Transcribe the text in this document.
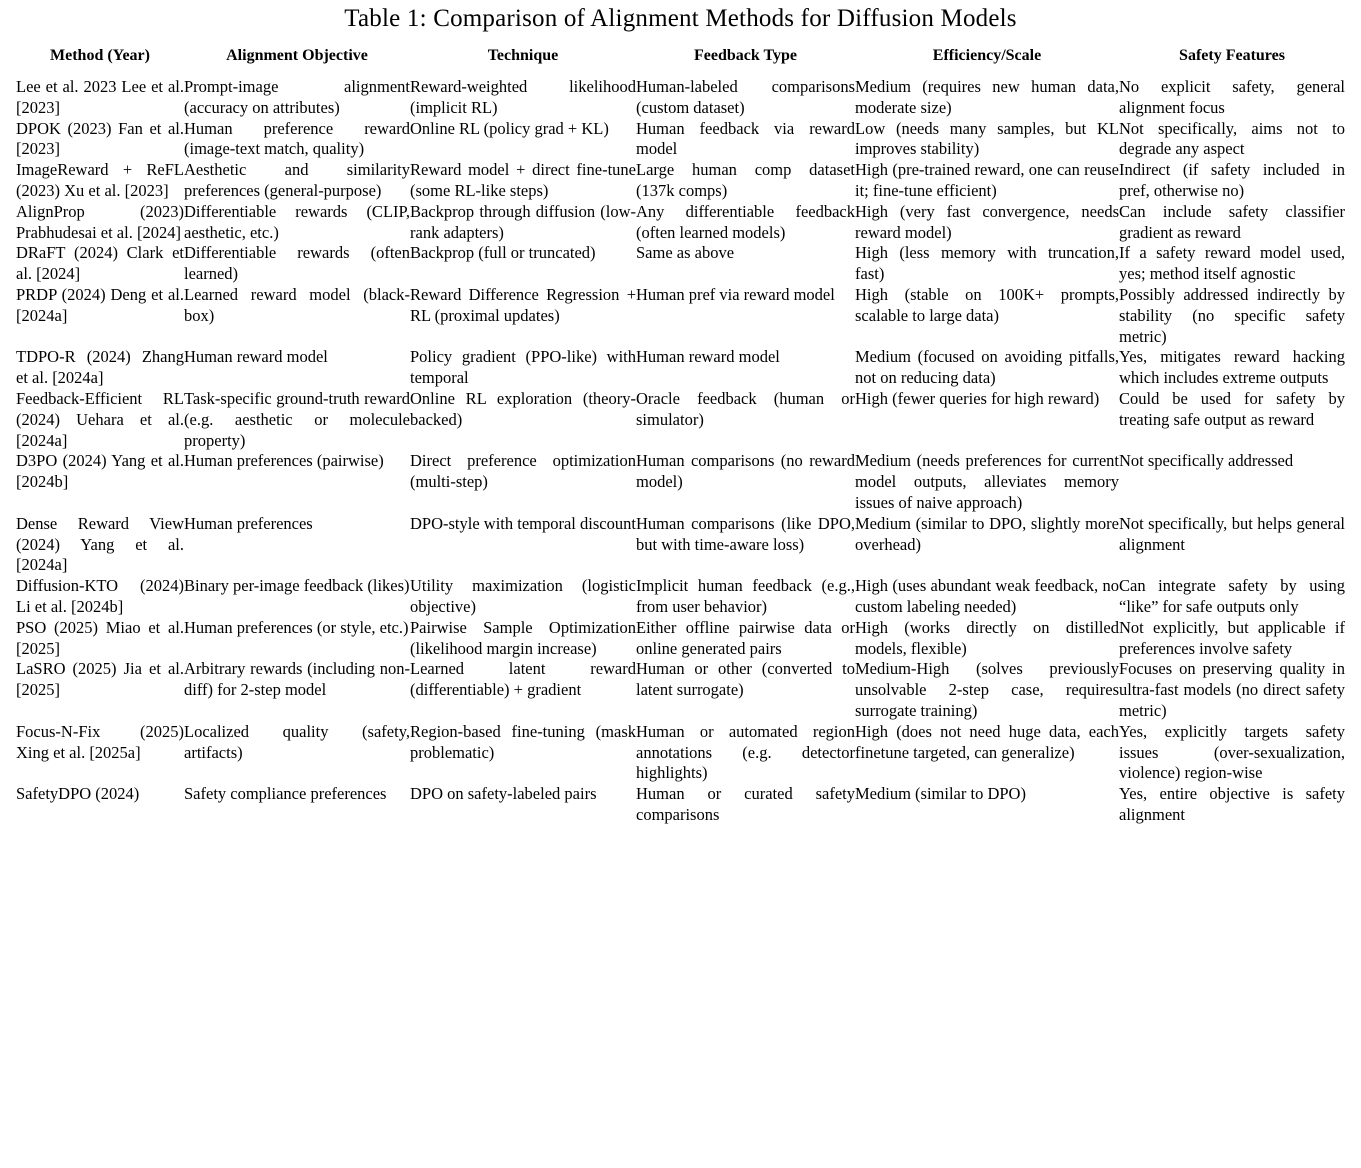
Table 1: Comparison of Alignment Methods for Diffusion Models

Method (Year)	Alignment Objective	Technique	Feedback Type	Efficiency/Scale	Safety Features

Lee et al. 2023 Lee et al. [2023]	Prompt-image alignment (accuracy on attributes)	Reward-weighted likelihood (implicit RL)	Human-labeled comparisons (custom dataset)	Medium (requires new human data, moderate size)	No explicit safety, general alignment focus
DPOK (2023) Fan et al. [2023]	Human preference reward (image-text match, quality)	Online RL (policy grad + KL)	Human feedback via reward model	Low (needs many samples, but KL improves stability)	Not specifically, aims not to degrade any aspect
ImageReward + ReFL (2023) Xu et al. [2023]	Aesthetic and similarity preferences (general-purpose)	Reward model + direct fine-tune (some RL-like steps)	Large human comp dataset (137k comps)	High (pre-trained reward, one can reuse it; fine-tune efficient)	Indirect (if safety included in pref, otherwise no)
AlignProp (2023) Prabhudesai et al. [2024]	Differentiable rewards (CLIP, aesthetic, etc.)	Backprop through diffusion (low-rank adapters)	Any differentiable feedback (often learned models)	High (very fast convergence, needs reward model)	Can include safety classifier gradient as reward
DRaFT (2024) Clark et al. [2024]	Differentiable rewards (often learned)	Backprop (full or truncated)	Same as above	High (less memory with truncation, fast)	If a safety reward model used, yes; method itself agnostic
PRDP (2024) Deng et al. [2024a]	Learned reward model (black-box)	Reward Difference Regression + RL (proximal updates)	Human pref via reward model	High (stable on 100K+ prompts, scalable to large data)	Possibly addressed indirectly by stability (no specific safety metric)
TDPO-R (2024) Zhang et al. [2024a]	Human reward model	Policy gradient (PPO-like) with temporal	Human reward model	Medium (focused on avoiding pitfalls, not on reducing data)	Yes, mitigates reward hacking which includes extreme outputs
Feedback-Efficient RL (2024) Uehara et al. [2024a]	Task-specific ground-truth reward (e.g. aesthetic or molecule property)	Online RL exploration (theory-backed)	Oracle feedback (human or simulator)	High (fewer queries for high reward)	Could be used for safety by treating safe output as reward
D3PO (2024) Yang et al. [2024b]	Human preferences (pairwise)	Direct preference optimization (multi-step)	Human comparisons (no reward model)	Medium (needs preferences for current model outputs, alleviates memory issues of naive approach)	Not specifically addressed
Dense Reward View (2024) Yang et al. [2024a]	Human preferences	DPO-style with temporal discount	Human comparisons (like DPO, but with time-aware loss)	Medium (similar to DPO, slightly more overhead)	Not specifically, but helps general alignment
Diffusion-KTO (2024) Li et al. [2024b]	Binary per-image feedback (likes)	Utility maximization (logistic objective)	Implicit human feedback (e.g., from user behavior)	High (uses abundant weak feedback, no custom labeling needed)	Can integrate safety by using “like” for safe outputs only
PSO (2025) Miao et al. [2025]	Human preferences (or style, etc.)	Pairwise Sample Optimization (likelihood margin increase)	Either offline pairwise data or online generated pairs	High (works directly on distilled models, flexible)	Not explicitly, but applicable if preferences involve safety
LaSRO (2025) Jia et al. [2025]	Arbitrary rewards (including non-diff) for 2-step model	Learned latent reward (differentiable) + gradient	Human or other (converted to latent surrogate)	Medium-High (solves previously unsolvable 2-step case, requires surrogate training)	Focuses on preserving quality in ultra-fast models (no direct safety metric)
Focus-N-Fix (2025) Xing et al. [2025a]	Localized quality (safety, artifacts)	Region-based fine-tuning (mask problematic)	Human or automated region annotations (e.g. detector highlights)	High (does not need huge data, each finetune targeted, can generalize)	Yes, explicitly targets safety issues (over-sexualization, violence) region-wise
SafetyDPO (2024)	Safety compliance preferences	DPO on safety-labeled pairs	Human or curated safety comparisons	Medium (similar to DPO)	Yes, entire objective is safety alignment
